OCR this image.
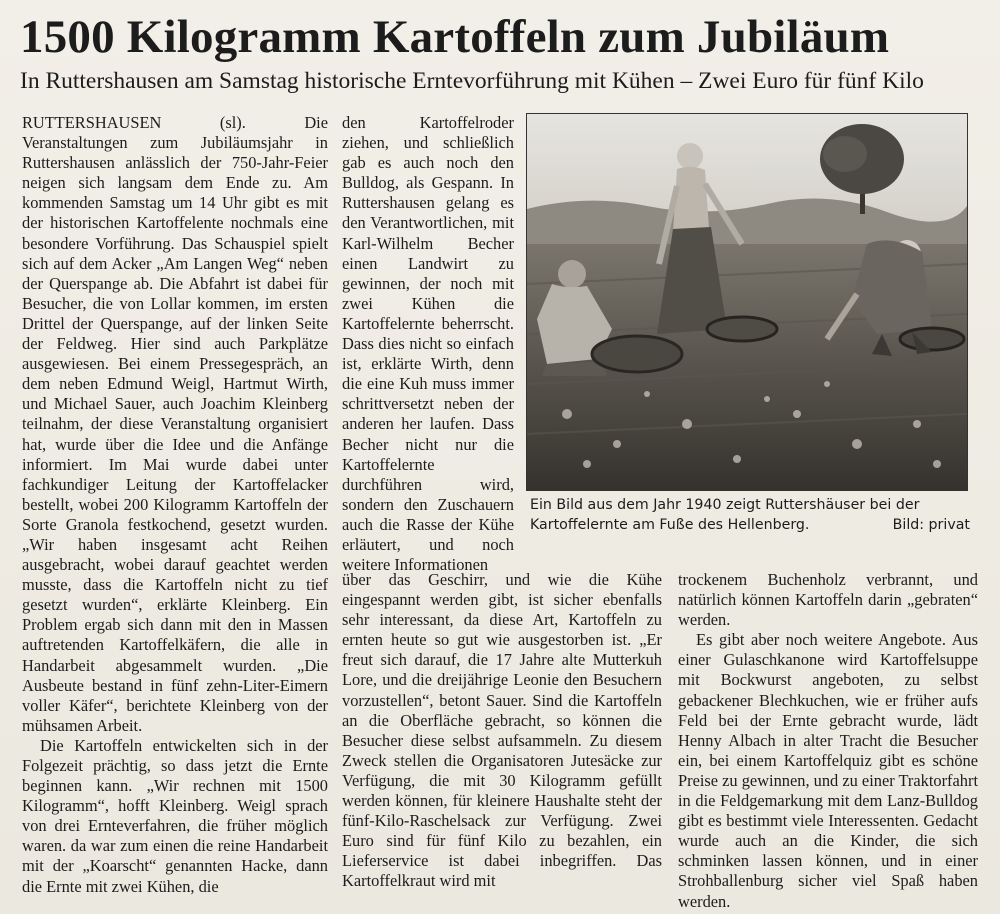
1500 Kilogramm Kartoffeln zum Jubiläum
In Ruttershausen am Samstag historische Erntevorführung mit Kühen – Zwei Euro für fünf Kilo

RUTTERSHAUSEN (sl). Die Veranstaltungen zum Jubiläumsjahr in Ruttershausen anlässlich der 750-Jahr-Feier neigen sich langsam dem Ende zu. Am kommenden Samstag um 14 Uhr gibt es mit der historischen Kartoffelente nochmals eine besondere Vorführung. Das Schauspiel spielt sich auf dem Acker „Am Langen Weg“ neben der Querspange ab. Die Abfahrt ist dabei für Besucher, die von Lollar kommen, im ersten Drittel der Querspange, auf der linken Seite der Feldweg. Hier sind auch Parkplätze ausgewiesen. Bei einem Pressegespräch, an dem neben Edmund Weigl, Hartmut Wirth, und Michael Sauer, auch Joachim Kleinberg teilnahm, der diese Veranstaltung organisiert hat, wurde über die Idee und die Anfänge informiert. Im Mai wurde dabei unter fachkundiger Leitung der Kartoffelacker bestellt, wobei 200 Kilogramm Kartoffeln der Sorte Granola festkochend, gesetzt wurden. „Wir haben insgesamt acht Reihen ausgebracht, wobei darauf geachtet werden musste, dass die Kartoffeln nicht zu tief gesetzt wurden“, erklärte Kleinberg. Ein Problem ergab sich dann mit den in Massen auftretenden Kartoffelkäfern, die alle in Handarbeit abgesammelt wurden. „Die Ausbeute bestand in fünf zehn-Liter-Eimern voller Käfer“, berichtete Kleinberg von der mühsamen Arbeit.

Die Kartoffeln entwickelten sich in der Folgezeit prächtig, so dass jetzt die Ernte beginnen kann. „Wir rechnen mit 1500 Kilogramm“, hofft Kleinberg. Weigl sprach von drei Ernteverfahren, die früher möglich waren. da war zum einen die reine Handarbeit mit der „Koarscht“ genannten Hacke, dann die Ernte mit zwei Kühen, die

den Kartoffelroder ziehen, und schließlich gab es auch noch den Bulldog, als Gespann. In Ruttershausen gelang es den Verantwortlichen, mit Karl-Wilhelm Becher einen Landwirt zu gewinnen, der noch mit zwei Kühen die Kartoffelernte beherrscht. Dass dies nicht so einfach ist, erklärte Wirth, denn die eine Kuh muss immer schrittversetzt neben der anderen her laufen. Dass Becher nicht nur die Kartoffelernte durchführen wird, sondern den Zuschauern auch die Rasse der Kühe erläutert, und noch weitere Informationen

Ein Bild aus dem Jahr 1940 zeigt Ruttershäuser bei der
Kartoffelernte am Fuße des Hellenberg.	Bild: privat

über das Geschirr, und wie die Kühe eingespannt werden gibt, ist sicher ebenfalls sehr interessant, da diese Art, Kartoffeln zu ernten heute so gut wie ausgestorben ist. „Er freut sich darauf, die 17 Jahre alte Mutterkuh Lore, und die dreijährige Leonie den Besuchern vorzustellen“, betont Sauer. Sind die Kartoffeln an die Oberfläche gebracht, so können die Besucher diese selbst aufsammeln. Zu diesem Zweck stellen die Organisatoren Jutesäcke zur Verfügung, die mit 30 Kilogramm gefüllt werden können, für kleinere Haushalte steht der fünf-Kilo-Raschelsack zur Verfügung. Zwei Euro sind für fünf Kilo zu bezahlen, ein Lieferservice ist dabei inbegriffen. Das Kartoffelkraut wird mit

trockenem Buchenholz verbrannt, und natürlich können Kartoffeln darin „gebraten“ werden.

Es gibt aber noch weitere Angebote. Aus einer Gulaschkanone wird Kartoffelsuppe mit Bockwurst angeboten, zu selbst gebackener Blechkuchen, wie er früher aufs Feld bei der Ernte gebracht wurde, lädt Henny Albach in alter Tracht die Besucher ein, bei einem Kartoffelquiz gibt es schöne Preise zu gewinnen, und zu einer Traktorfahrt in die Feldgemarkung mit dem Lanz-Bulldog gibt es bestimmt viele Interessenten. Gedacht wurde auch an die Kinder, die sich schminken lassen können, und in einer Strohballenburg sicher viel Spaß haben werden.
